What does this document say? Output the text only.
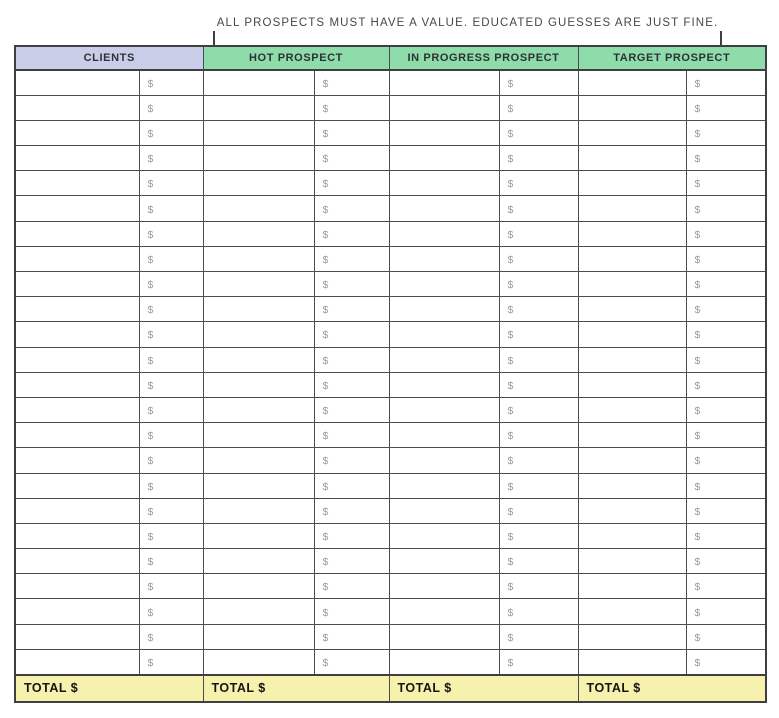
ALL PROSPECTS MUST HAVE A VALUE. EDUCATED GUESSES ARE JUST FINE.
CLIENTS		HOT PROSPECT		IN PROGRESS PROSPECT		TARGET PROSPECT	
	$		$		$		$
	$		$		$		$
	$		$		$		$
	$		$		$		$
	$		$		$		$
	$		$		$		$
	$		$		$		$
	$		$		$		$
	$		$		$		$
	$		$		$		$
	$		$		$		$
	$		$		$		$
	$		$		$		$
	$		$		$		$
	$		$		$		$
	$		$		$		$
	$		$		$		$
	$		$		$		$
	$		$		$		$
	$		$		$		$
	$		$		$		$
	$		$		$		$
	$		$		$		$
	$		$		$		$
TOTAL $		TOTAL $		TOTAL $		TOTAL $	
